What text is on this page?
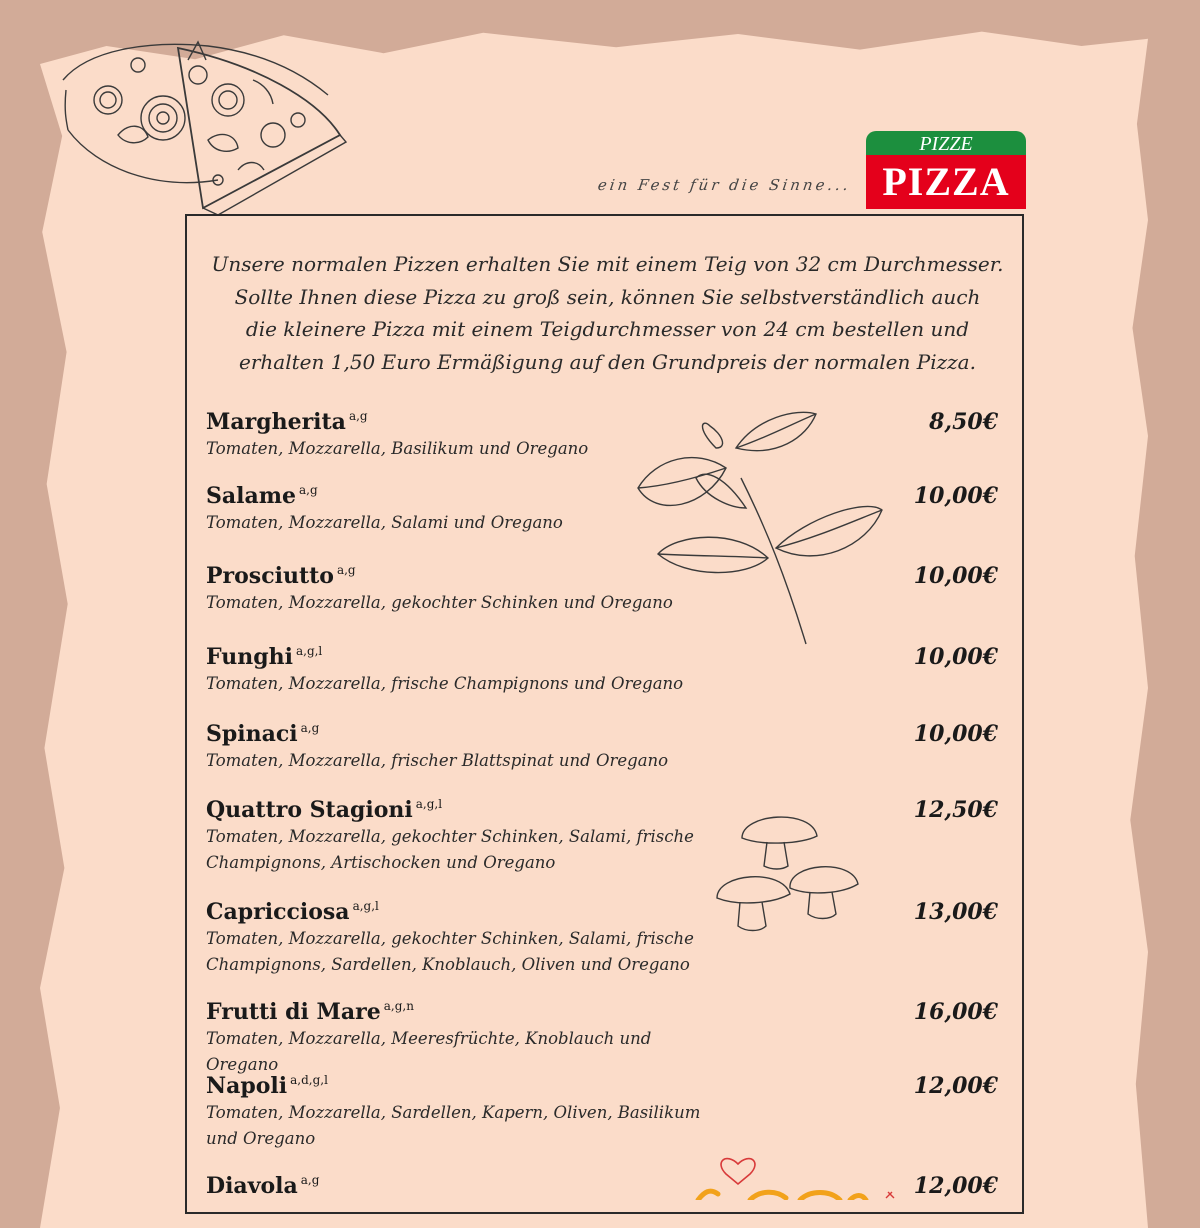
ein Fest für die Sinne...
PIZZE
PIZZA
Unsere normalen Pizzen erhalten Sie mit einem Teig von 32 cm Durchmesser.
Sollte Ihnen diese Pizza zu groß sein, können Sie selbstverständlich auch
die kleinere Pizza mit einem Teigdurchmesser von 24 cm bestellen und
erhalten 1,50 Euro Ermäßigung auf den Grundpreis der normalen Pizza.
Margherita $^{a,g}$	8,50€
Tomaten, Mozzarella, Basilikum und Oregano
Salame $^{a,g}$	10,00€
Tomaten, Mozzarella, Salami und Oregano
Prosciutto $^{a,g}$	10,00€
Tomaten, Mozzarella, gekochter Schinken und Oregano
Funghi $^{a,g,l}$	10,00€
Tomaten, Mozzarella, frische Champignons und Oregano
Spinaci $^{a,g}$	10,00€
Tomaten, Mozzarella, frischer Blattspinat und Oregano
Quattro Stagioni $^{a,g,l}$	12,50€
Tomaten, Mozzarella, gekochter Schinken, Salami, frische Champignons, Artischocken und Oregano
Capricciosa $^{a,g,l}$	13,00€
Tomaten, Mozzarella, gekochter Schinken, Salami, frische Champignons, Sardellen, Knoblauch, Oliven und Oregano
Frutti di Mare $^{a,g,n}$	16,00€
Tomaten, Mozzarella, Meeresfrüchte, Knoblauch und Oregano
Napoli $^{a,d,g,l}$	12,00€
Tomaten, Mozzarella, Sardellen, Kapern, Oliven, Basilikum und Oregano
Diavola $^{a,g}$	12,00€
